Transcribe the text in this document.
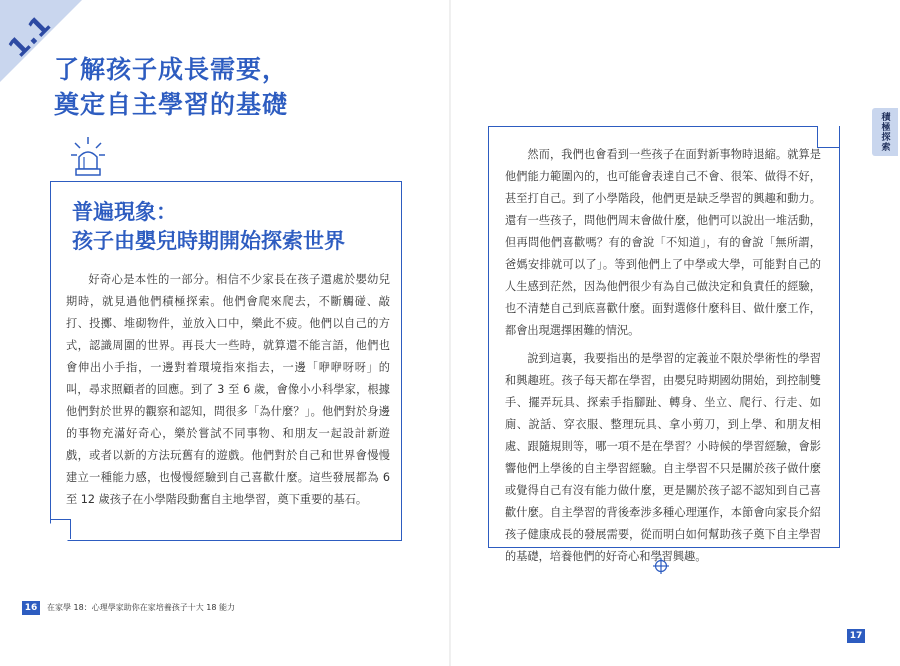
1.1
了解孩子成長需要，
奠定自主學習的基礎
普遍現象：
孩子由嬰兒時期開始探索世界

好奇心是本性的一部分。相信不少家長在孩子還處於嬰幼兒期時，就見過他們積極探索。他們會爬來爬去，不斷觸碰、敲打、投擲、堆砌物件，並放入口中，樂此不疲。他們以自己的方式，認識周圍的世界。再長大一些時，就算還不能言語，他們也會伸出小手指，一邊對着環境指來指去，一邊「咿咿呀呀」的叫，尋求照顧者的回應。到了 3 至 6 歲，會像小小科學家，根據他們對於世界的觀察和認知，問很多「為什麼？」。他們對於身邊的事物充滿好奇心，樂於嘗試不同事物、和朋友一起設計新遊戲，或者以新的方法玩舊有的遊戲。他們對於自己和世界會慢慢建立一種能力感，也慢慢經驗到自己喜歡什麼。這些發展都為 6 至 12 歲孩子在小學階段動奮自主地學習，奠下重要的基石。

然而，我們也會看到一些孩子在面對新事物時退縮。就算是他們能力範圍內的，也可能會表達自己不會、很笨、做得不好，甚至打自己。到了小學階段，他們更是缺乏學習的興趣和動力。還有一些孩子，問他們周末會做什麼，他們可以說出一堆活動，但再問他們喜歡嗎？有的會說「不知道」，有的會說「無所謂，爸媽安排就可以了」。等到他們上了中學或大學，可能對自己的人生感到茫然，因為他們很少有為自己做決定和負責任的經驗，也不清楚自己到底喜歡什麼。面對選修什麼科目、做什麼工作，都會出現選擇困難的情況。

說到這裏，我要指出的是學習的定義並不限於學術性的學習和興趣班。孩子每天都在學習，由嬰兒時期國幼開始，到控制雙手、擺弄玩具、探索手指腳趾、轉身、坐立、爬行、行走、如廁、說話、穿衣服、整理玩具、拿小剪刀，到上學、和朋友相處、跟隨規則等，哪一項不是在學習？小時候的學習經驗，會影響他們上學後的自主學習經驗。自主學習不只是關於孩子做什麼或覺得自己有沒有能力做什麼，更是關於孩子認不認知到自己喜歡什麼。自主學習的背後牽涉多種心理運作，本節會向家長介紹孩子健康成長的發展需要，從而明白如何幫助孩子奠下自主學習的基礎，培養他們的好奇心和學習興趣。

積極探索
16	在家學 18：心理學家助你在家培養孩子十大 18 能力
17
